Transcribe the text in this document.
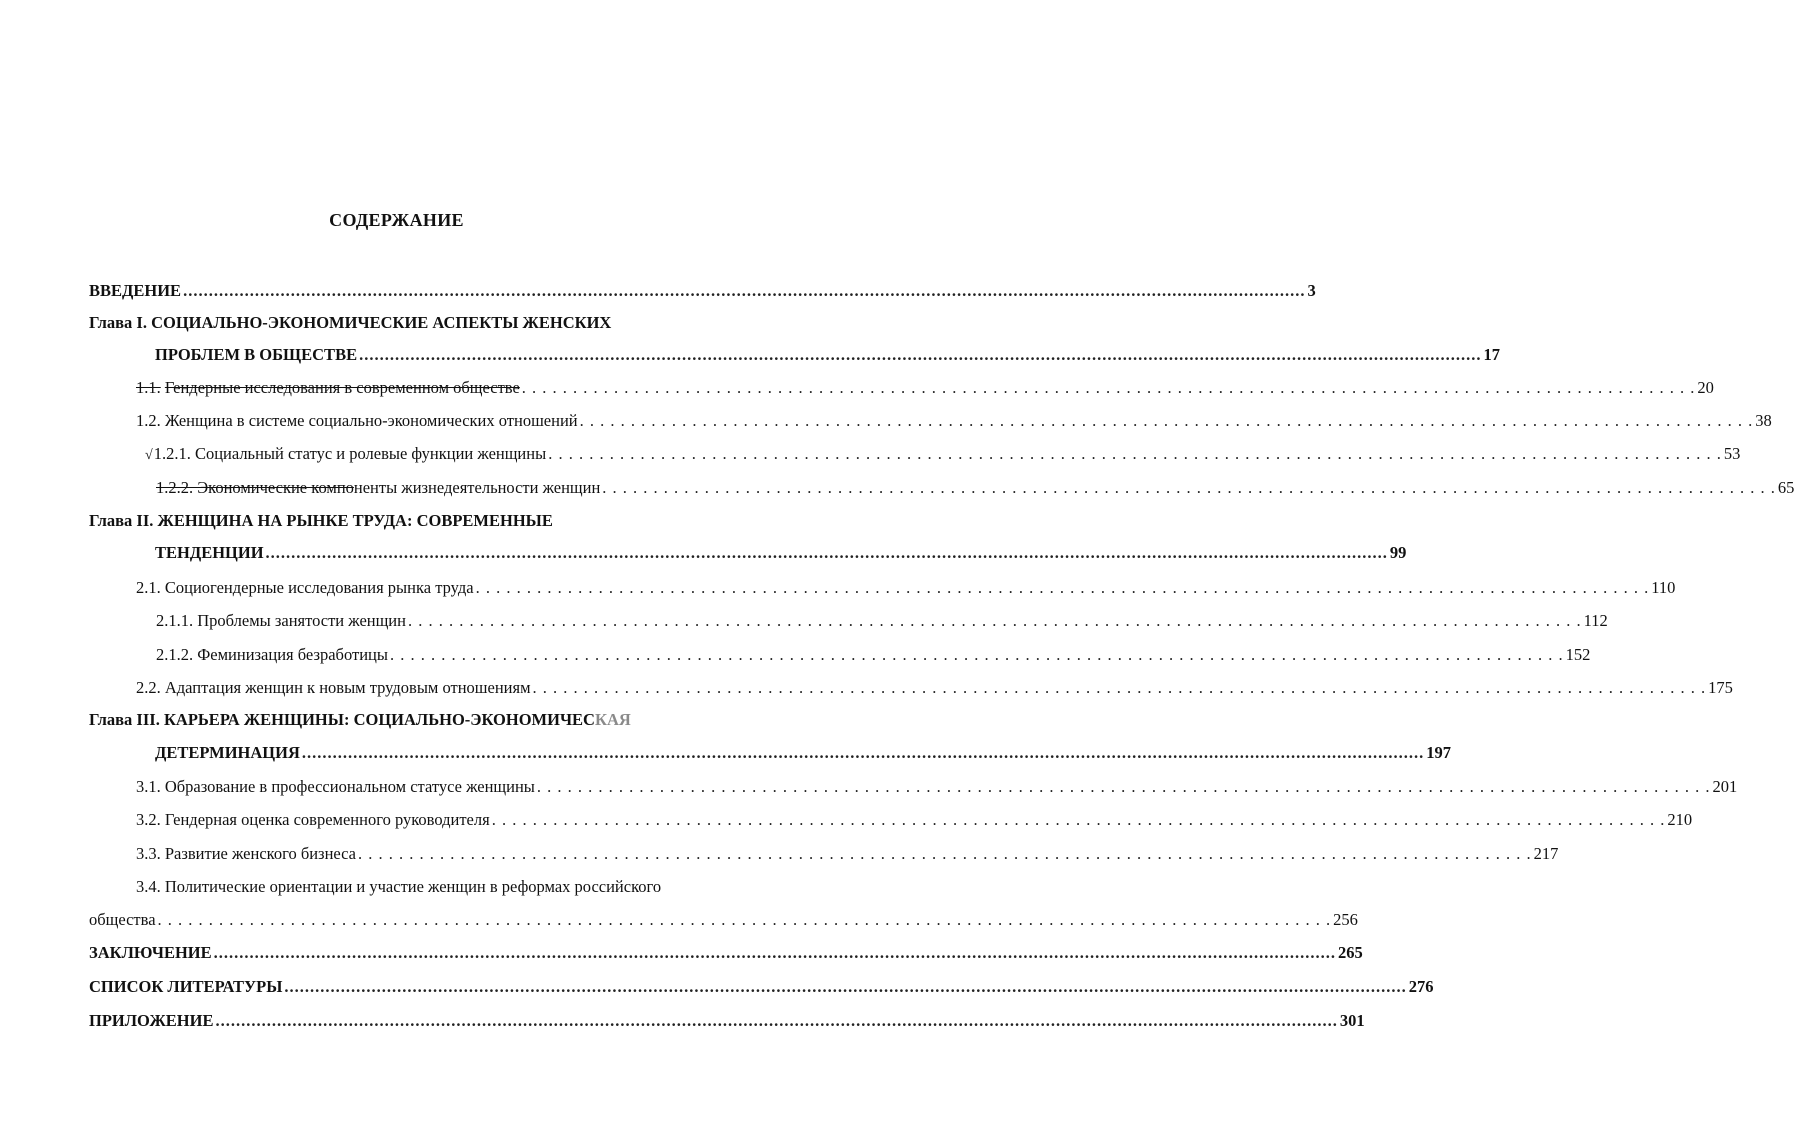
СОДЕРЖАНИЕ
ВВЕДЕНИЕ .....	3
Глава I. СОЦИАЛЬНО-ЭКОНОМИЧЕСКИЕ АСПЕКТЫ ЖЕНСКИХ
ПРОБЛЕМ В ОБЩЕСТВЕ .....	17
1.1. Гендерные исследования в современном обществе . . .	20
1.2. Женщина в системе социально-экономических отношений . . .	38
√1.2.1. Социальный статус и ролевые функции женщины . . .	53
1.2.2. Экономические компоненты жизнедеятельности женщин . . .	65
Глава II. ЖЕНЩИНА НА РЫНКЕ ТРУДА: СОВРЕМЕННЫЕ
ТЕНДЕНЦИИ .....	99
2.1. Социогендерные исследования рынка труда . . .	110
2.1.1. Проблемы занятости женщин . . .	112
2.1.2. Феминизация безработицы . . .	152
2.2. Адаптация женщин к новым трудовым отношениям . . .	175
Глава III. КАРЬЕРА ЖЕНЩИНЫ: СОЦИАЛЬНО-ЭКОНОМИЧЕСКАЯ
ДЕТЕРМИНАЦИЯ .....	197
3.1. Образование в профессиональном статусе женщины . . .	201
3.2. Гендерная оценка современного руководителя . . .	210
3.3. Развитие женского бизнеса . . .	217
3.4. Политические ориентации и участие женщин в реформах российского
общества . . .	256
ЗАКЛЮЧЕНИЕ .....	265
СПИСОК ЛИТЕРАТУРЫ .....	276
ПРИЛОЖЕНИЕ .....	301
